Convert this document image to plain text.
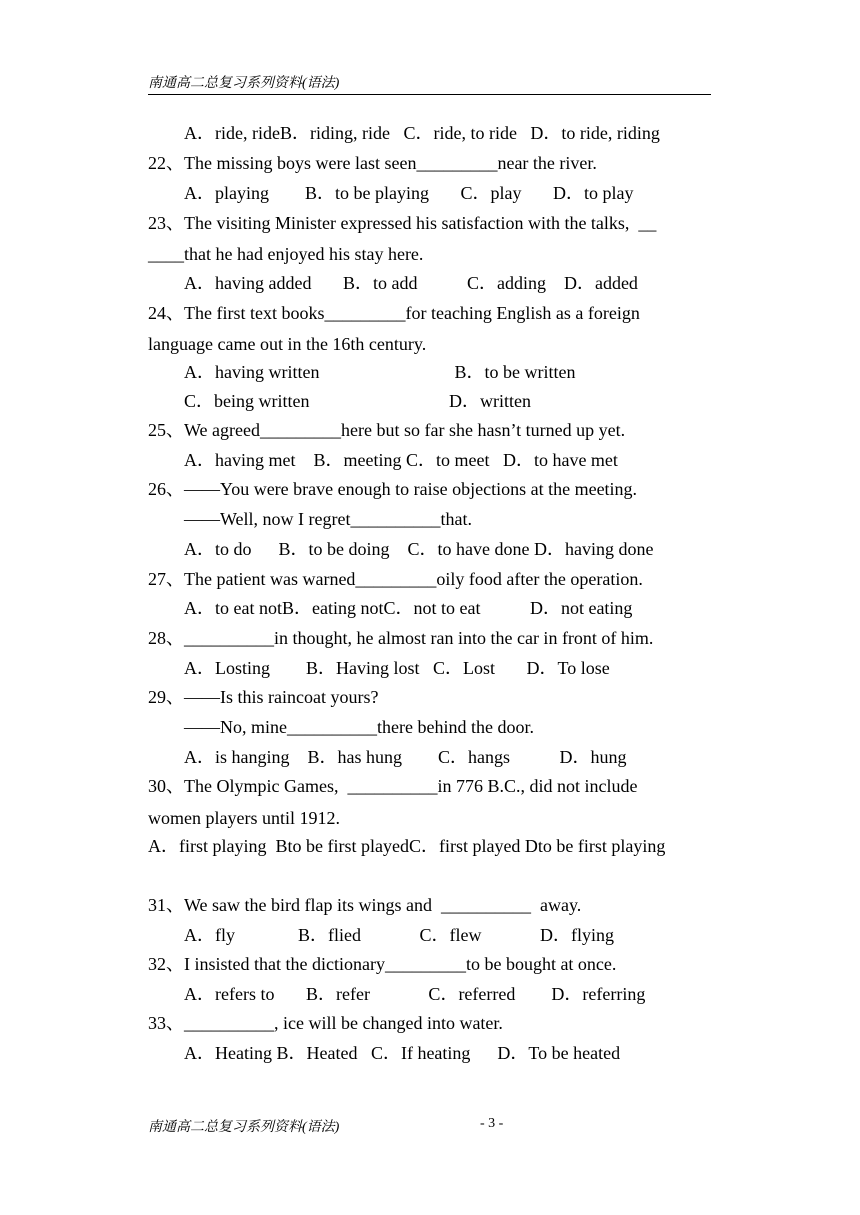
南通高二总复习系列资料(语法)
A．ride, rideB．riding, ride   C．ride, to ride   D．to ride, riding
22、The missing boys were last seen_________near the river.
A．playing        B．to be playing       C．play       D．to play
23、The visiting Minister expressed his satisfaction with the talks,  __
____that he had enjoyed his stay here.
A．having added       B．to add           C．adding    D．added
24、The first text books_________for teaching English as a foreign
language came out in the 16th century.
A．having written                              B．to be written
C．being written                               D．written
25、We agreed_________here but so far she hasn’t turned up yet.
A．having met    B．meeting C．to meet   D．to have met
26、——You were brave enough to raise objections at the meeting.
——Well, now I regret__________that.
A．to do      B．to be doing    C．to have done D．having done
27、The patient was warned_________oily food after the operation.
A．to eat notB．eating notC．not to eat           D．not eating
28、__________in thought, he almost ran into the car in front of him.
A．Losting        B．Having lost   C．Lost       D．To lose
29、——Is this raincoat yours?
——No, mine__________there behind the door.
A．is hanging    B．has hung        C．hangs           D．hung
30、The Olympic Games,  __________in 776 B.C., did not include
women players until 1912.
A．first playing  Bto be first playedC．first played Dto be first playing
31、We saw the bird flap its wings and  __________  away.
A．fly              B．flied             C．flew             D．flying
32、I insisted that the dictionary_________to be bought at once.
A．refers to       B．refer             C．referred        D．referring
33、__________, ice will be changed into water.
A．Heating B．Heated   C．If heating      D．To be heated
南通高二总复习系列资料(语法)	- 3 -
